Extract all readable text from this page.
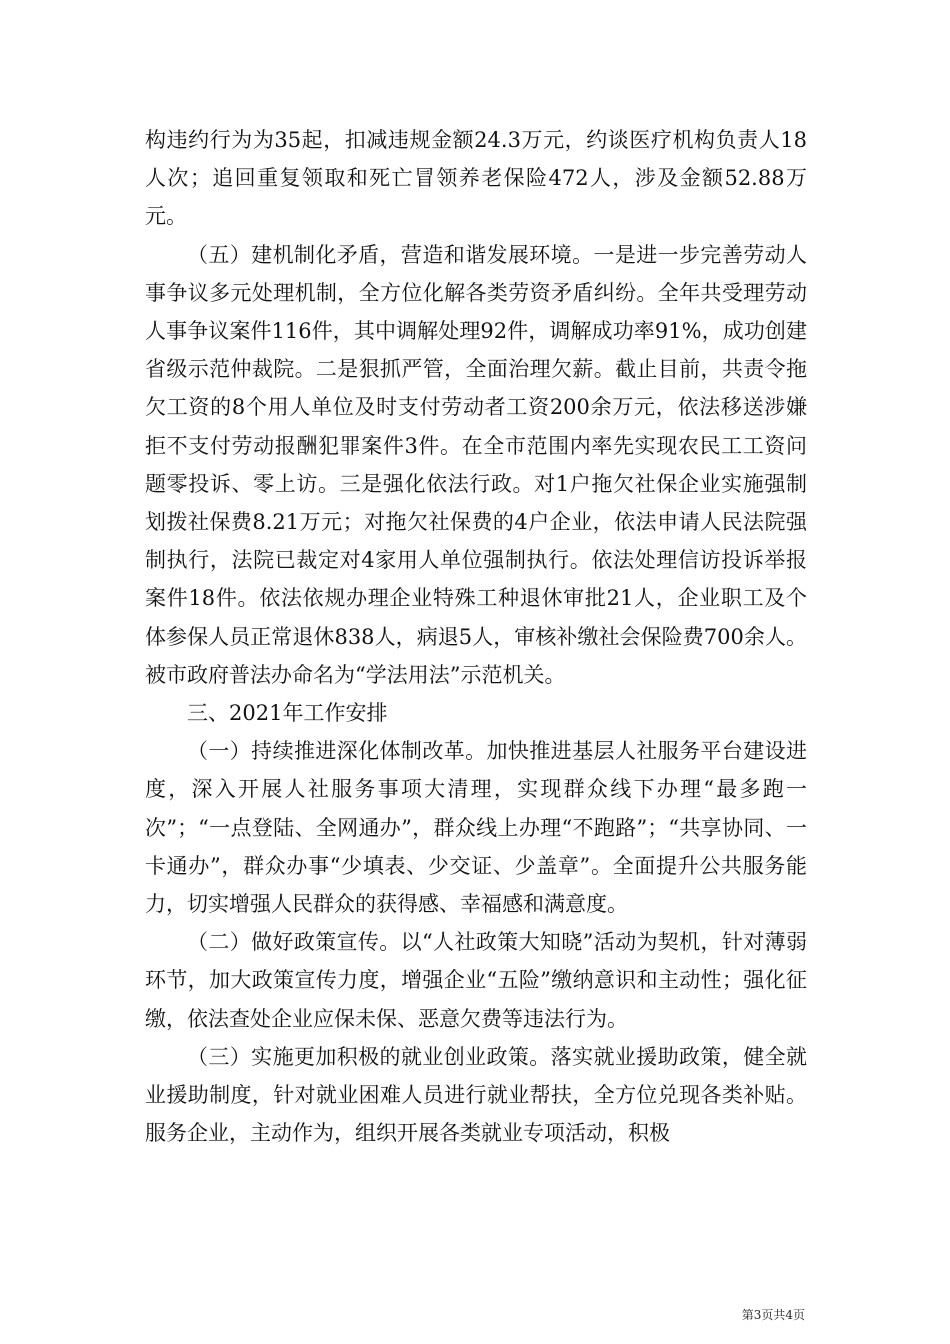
构违约行为为35起，扣减违规金额24.3万元，约谈医疗机构负责人18人次；追回重复领取和死亡冒领养老保险472人，涉及金额52.88万元。

（五）建机制化矛盾，营造和谐发展环境。一是进一步完善劳动人事争议多元处理机制，全方位化解各类劳资矛盾纠纷。全年共受理劳动人事争议案件116件，其中调解处理92件，调解成功率91%，成功创建省级示范仲裁院。二是狠抓严管，全面治理欠薪。截止目前，共责令拖欠工资的8个用人单位及时支付劳动者工资200余万元，依法移送涉嫌拒不支付劳动报酬犯罪案件3件。在全市范围内率先实现农民工工资问题零投诉、零上访。三是强化依法行政。对1户拖欠社保企业实施强制划拨社保费8.21万元；对拖欠社保费的4户企业，依法申请人民法院强制执行，法院已裁定对4家用人单位强制执行。依法处理信访投诉举报案件18件。依法依规办理企业特殊工种退休审批21人，企业职工及个体参保人员正常退休838人，病退5人，审核补缴社会保险费700余人。被市政府普法办命名为“学法用法”示范机关。

三、2021年工作安排

（一）持续推进深化体制改革。加快推进基层人社服务平台建设进度，深入开展人社服务事项大清理，实现群众线下办理“最多跑一次”；“一点登陆、全网通办”，群众线上办理“不跑路”；“共享协同、一卡通办”，群众办事“少填表、少交证、少盖章”。全面提升公共服务能力，切实增强人民群众的获得感、幸福感和满意度。

（二）做好政策宣传。以“人社政策大知晓”活动为契机，针对薄弱环节，加大政策宣传力度，增强企业“五险”缴纳意识和主动性；强化征缴，依法查处企业应保未保、恶意欠费等违法行为。

（三）实施更加积极的就业创业政策。落实就业援助政策，健全就业援助制度，针对就业困难人员进行就业帮扶，全方位兑现各类补贴。服务企业，主动作为，组织开展各类就业专项活动，积极

第3页共4页
